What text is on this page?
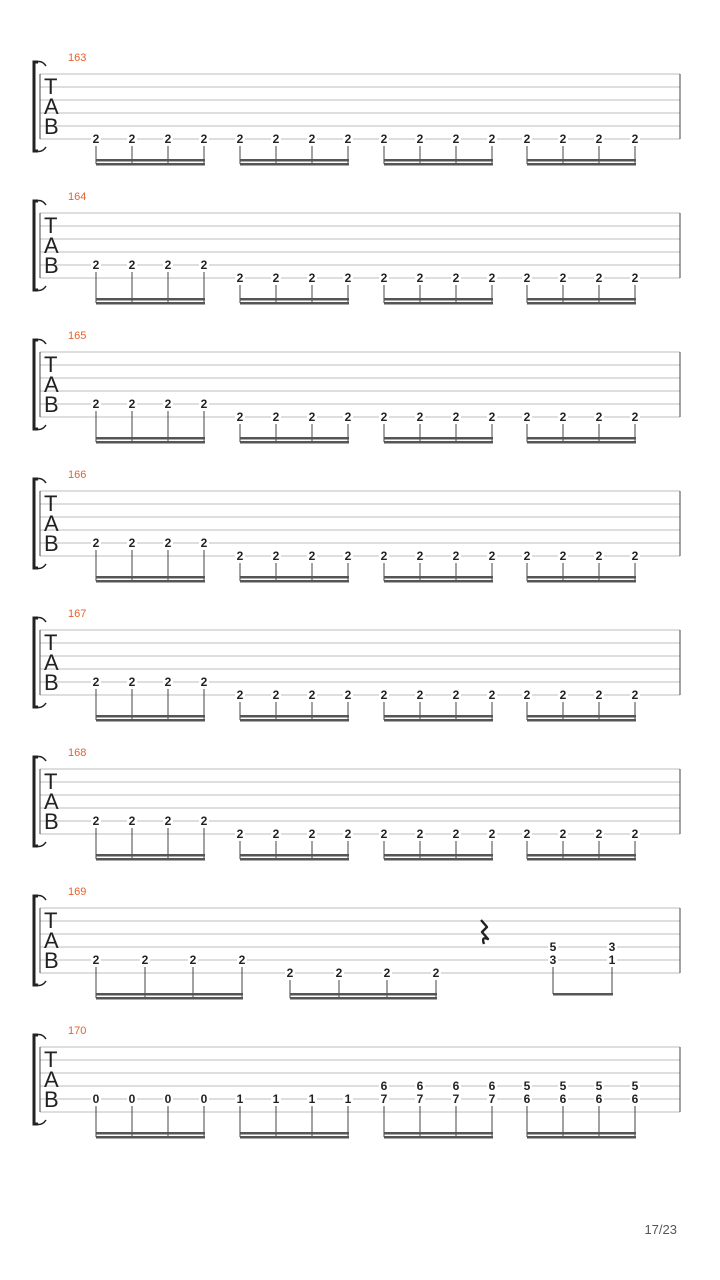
163
T
A
B	2 2 2 2 2 2 2 2 2 2 2 2 2 2 2 2
164
T
A
B	2 2 2 2
2 2 2 2 2 2 2 2 2 2 2 2
165
T
A
B	2 2 2 2
2 2 2 2 2 2 2 2 2 2 2 2
166
T
A
B	2 2 2 2
2 2 2 2 2 2 2 2 2 2 2 2
167
T
A
B	2 2 2 2
2 2 2 2 2 2 2 2 2 2 2 2
168
T
A
B	2 2 2 2
2 2 2 2 2 2 2 2 2 2 2 2
169
T
A
B	2	2	2	2
2	2	2	2
5
3
3
1
170
T
A
B	0 0 0 0 1 1 1 1
6
7
6
7
6
7
6
7
5
6
5
6
5
6
5
6
17/23
